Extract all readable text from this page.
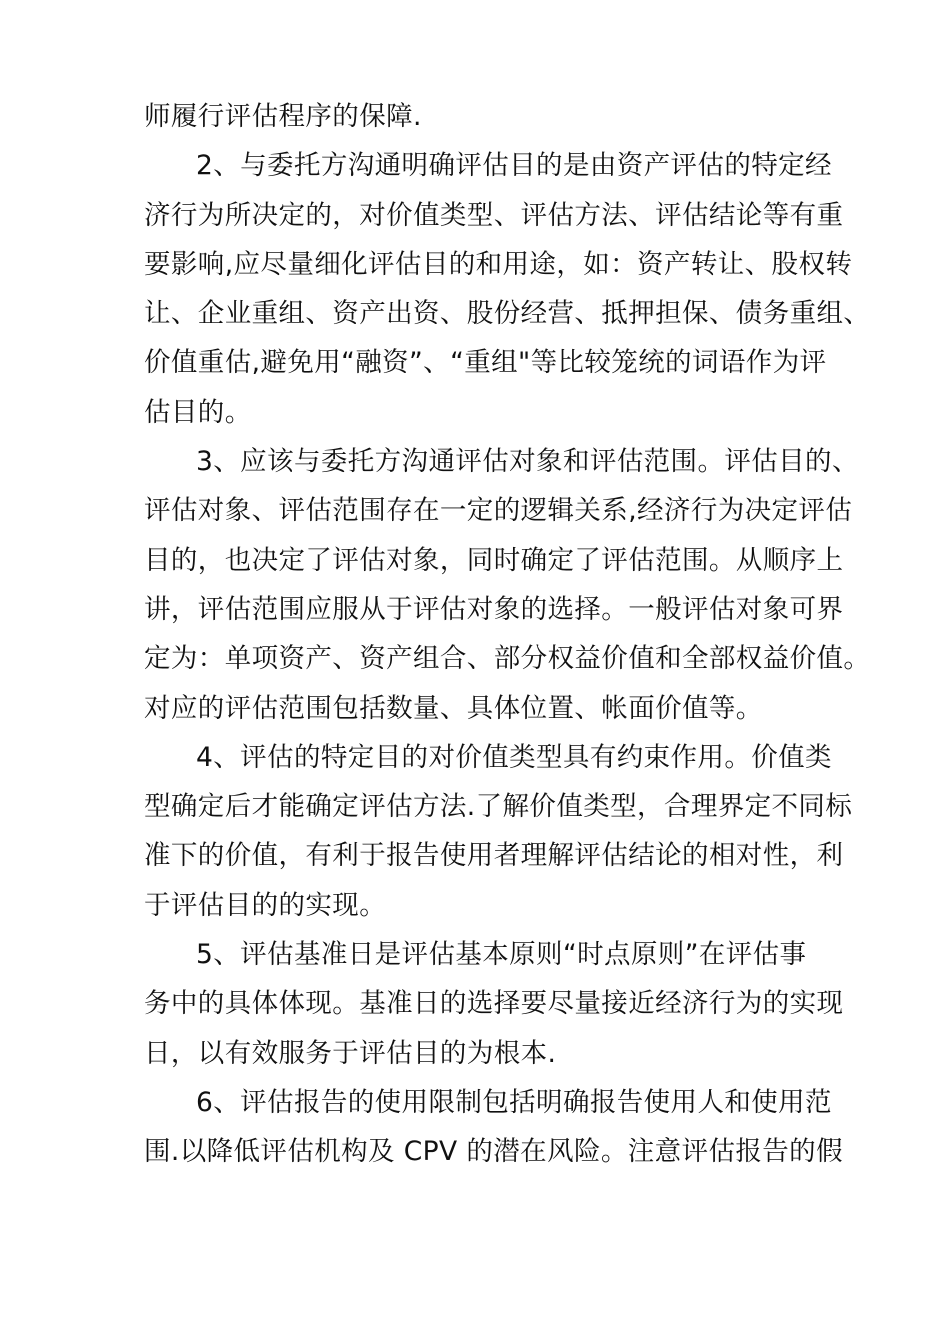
师履行评估程序的保障.
2、与委托方沟通明确评估目的是由资产评估的特定经
济行为所决定的，对价值类型、评估方法、评估结论等有重
要影响,应尽量细化评估目的和用途，如：资产转让、股权转
让、企业重组、资产出资、股份经营、抵押担保、债务重组、
价值重估,避免用“融资”、“重组"等比较笼统的词语作为评
估目的。
3、应该与委托方沟通评估对象和评估范围。评估目的、
评估对象、评估范围存在一定的逻辑关系,经济行为决定评估
目的，也决定了评估对象，同时确定了评估范围。从顺序上
讲，评估范围应服从于评估对象的选择。一般评估对象可界
定为：单项资产、资产组合、部分权益价值和全部权益价值。
对应的评估范围包括数量、具体位置、帐面价值等。
4、评估的特定目的对价值类型具有约束作用。价值类
型确定后才能确定评估方法.了解价值类型，合理界定不同标
准下的价值，有利于报告使用者理解评估结论的相对性，利
于评估目的的实现。
5、评估基准日是评估基本原则“时点原则”在评估事
务中的具体体现。基准日的选择要尽量接近经济行为的实现
日，以有效服务于评估目的为根本.
6、评估报告的使用限制包括明确报告使用人和使用范
围.以降低评估机构及 CPV 的潜在风险。注意评估报告的假
